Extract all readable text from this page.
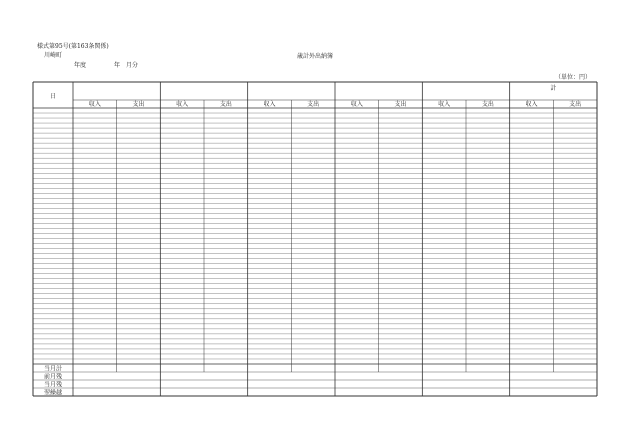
様式第95号(第163条関係)
川崎町	歳計外出納簿
年度	年　月分
（単位：円）
収入	支出	収入	支出	収入	支出	収入	支出	収入	支出	収入	支出
日
計
当月計
前月残
当月残
翌繰越
